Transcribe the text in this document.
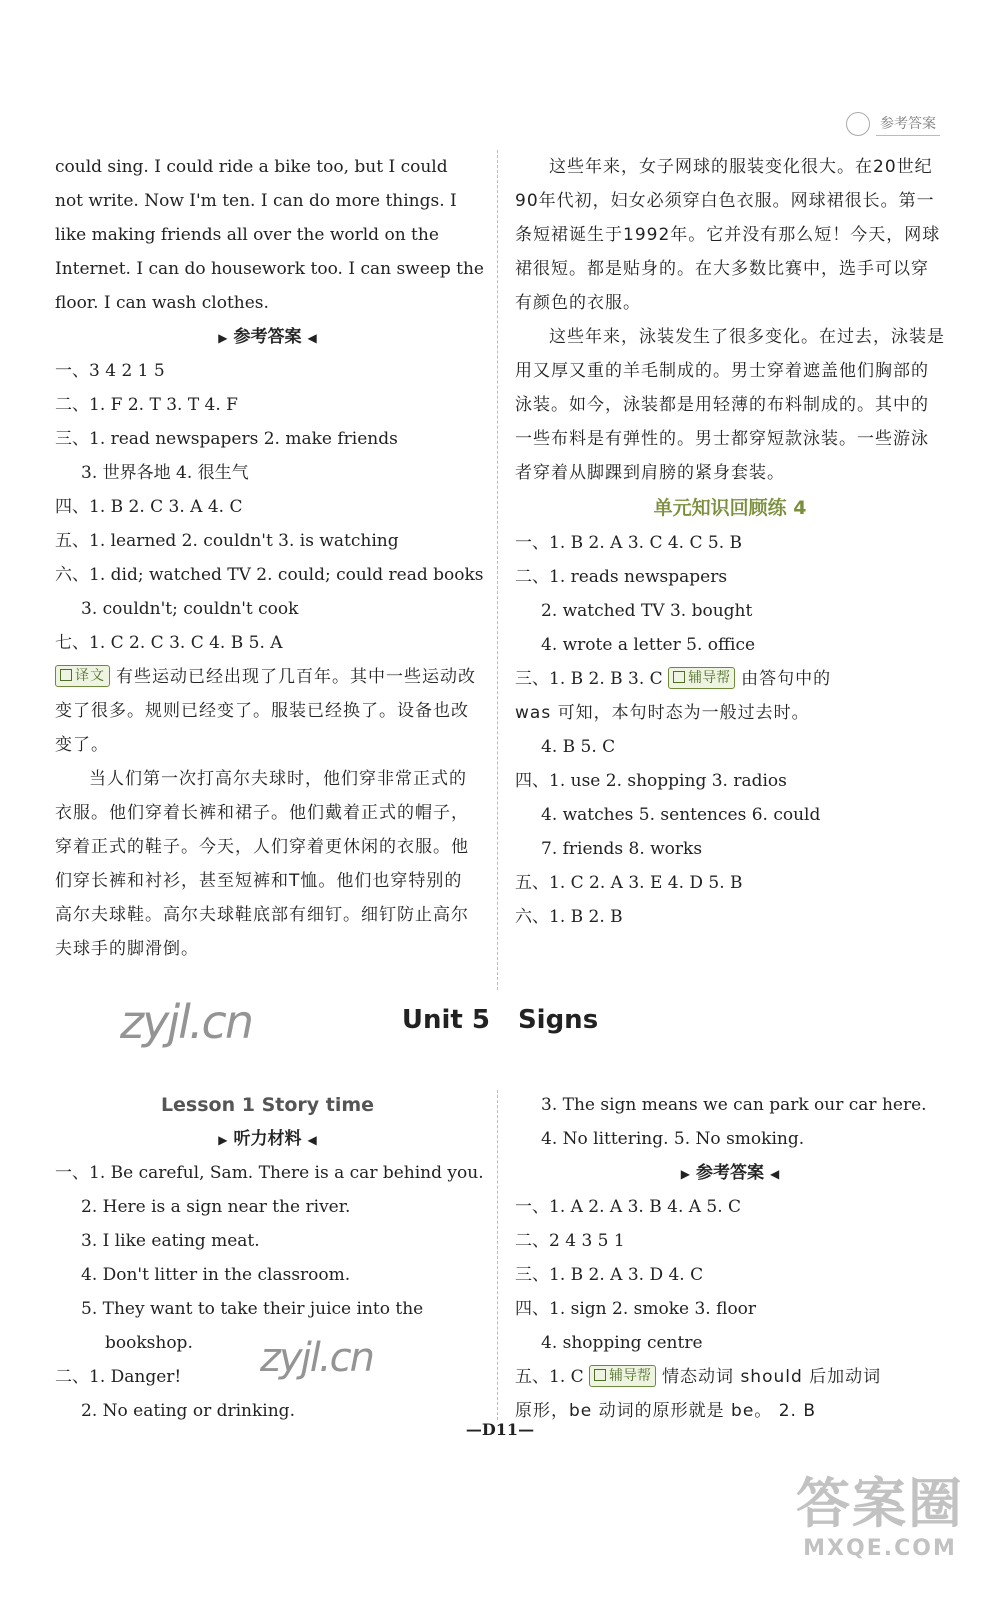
参考答案
could sing. I could ride a bike too, but I could
not write. Now I'm ten. I can do more things. I
like making friends all over the world on the
Internet. I can do housework too. I can sweep the
floor. I can wash clothes.
▶ 参考答案 ◀
一、3 4 2 1 5
二、1. F 2. T 3. T 4. F
三、1. read newspapers 2. make friends
3. 世界各地 4. 很生气
四、1. B 2. C 3. A 4. C
五、1. learned 2. couldn't 3. is watching
六、1. did; watched TV 2. could; could read books
3. couldn't; couldn't cook
七、1. C 2. C 3. C 4. B 5. A
译文 有些运动已经出现了几百年。其中一些运动改变了很多。规则已经变了。服装已经换了。设备也改变了。
当人们第一次打高尔夫球时，他们穿非常正式的衣服。他们穿着长裤和裙子。他们戴着正式的帽子，穿着正式的鞋子。今天，人们穿着更休闲的衣服。他们穿长裤和衬衫，甚至短裤和T恤。他们也穿特别的高尔夫球鞋。高尔夫球鞋底部有细钉。细钉防止高尔夫球手的脚滑倒。
这些年来，女子网球的服装变化很大。在20世纪90年代初，妇女必须穿白色衣服。网球裙很长。第一条短裙诞生于1992年。它并没有那么短！今天，网球裙很短。都是贴身的。在大多数比赛中，选手可以穿有颜色的衣服。
这些年来，泳装发生了很多变化。在过去，泳装是用又厚又重的羊毛制成的。男士穿着遮盖他们胸部的泳装。如今，泳装都是用轻薄的布料制成的。其中的一些布料是有弹性的。男士都穿短款泳装。一些游泳者穿着从脚踝到肩膀的紧身套装。
单元知识回顾练 4
一、1. B 2. A 3. C 4. C 5. B
二、1. reads newspapers
2. watched TV 3. bought
4. wrote a letter 5. office
三、1. B 2. B 3. C 辅导帮 由答句中的
was 可知，本句时态为一般过去时。
4. B 5. C
四、1. use 2. shopping 3. radios
4. watches 5. sentences 6. could
7. friends 8. works
五、1. C 2. A 3. E 4. D 5. B
六、1. B 2. B
zyjl.cn	Unit 5 Signs
Lesson 1 Story time
▶ 听力材料 ◀
一、1. Be careful, Sam. There is a car behind you.
2. Here is a sign near the river.
3. I like eating meat.
4. Don't litter in the classroom.
5. They want to take their juice into the
bookshop.
二、1. Danger!
2. No eating or drinking.
zyjl.cn
3. The sign means we can park our car here.
4. No littering. 5. No smoking.
▶ 参考答案 ◀
一、1. A 2. A 3. B 4. A 5. C
二、2 4 3 5 1
三、1. B 2. A 3. D 4. C
四、1. sign 2. smoke 3. floor
4. shopping centre
五、1. C 辅导帮 情态动词 should 后加动词
原形，be 动词的原形就是 be。 2. B
—D11—
答案圈
MXQE.COM
